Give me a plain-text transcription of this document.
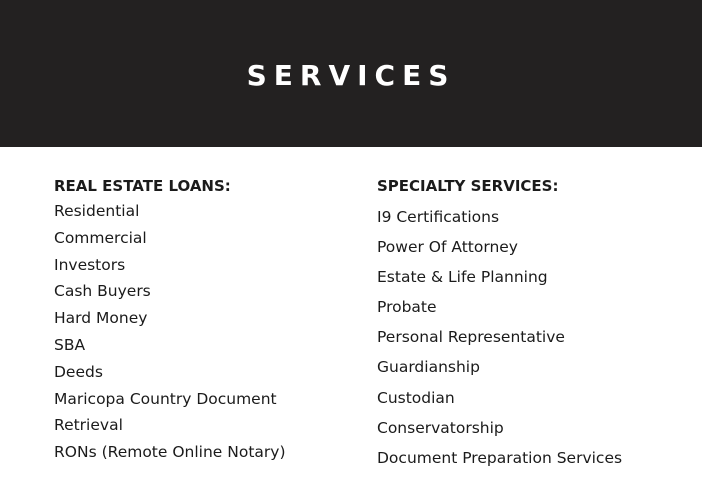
SERVICES
REAL ESTATE LOANS:
Residential
Commercial
Investors
Cash Buyers
Hard Money
SBA
Deeds
Maricopa Country Document
Retrieval
RONs (Remote Online Notary)
SPECIALTY SERVICES:
I9 Certifications
Power Of Attorney
Estate & Life Planning
Probate
Personal Representative
Guardianship
Custodian
Conservatorship
Document Preparation Services
